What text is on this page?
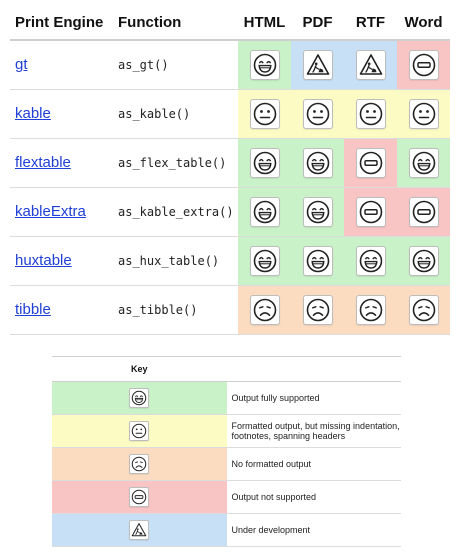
Print Engine	Function	HTML	PDF	RTF	Word
gt	as_gt()	

kable	as_kable()	

flextable	as_flex_table()	

kableExtra	as_kable_extra()	

huxtable	as_hux_table()	

tibble	as_tibble()	

Key	

	Output fully supported

	Formatted output, but missing indentation, footnotes, spanning headers

	No formatted output

	Output not supported

	Under development
